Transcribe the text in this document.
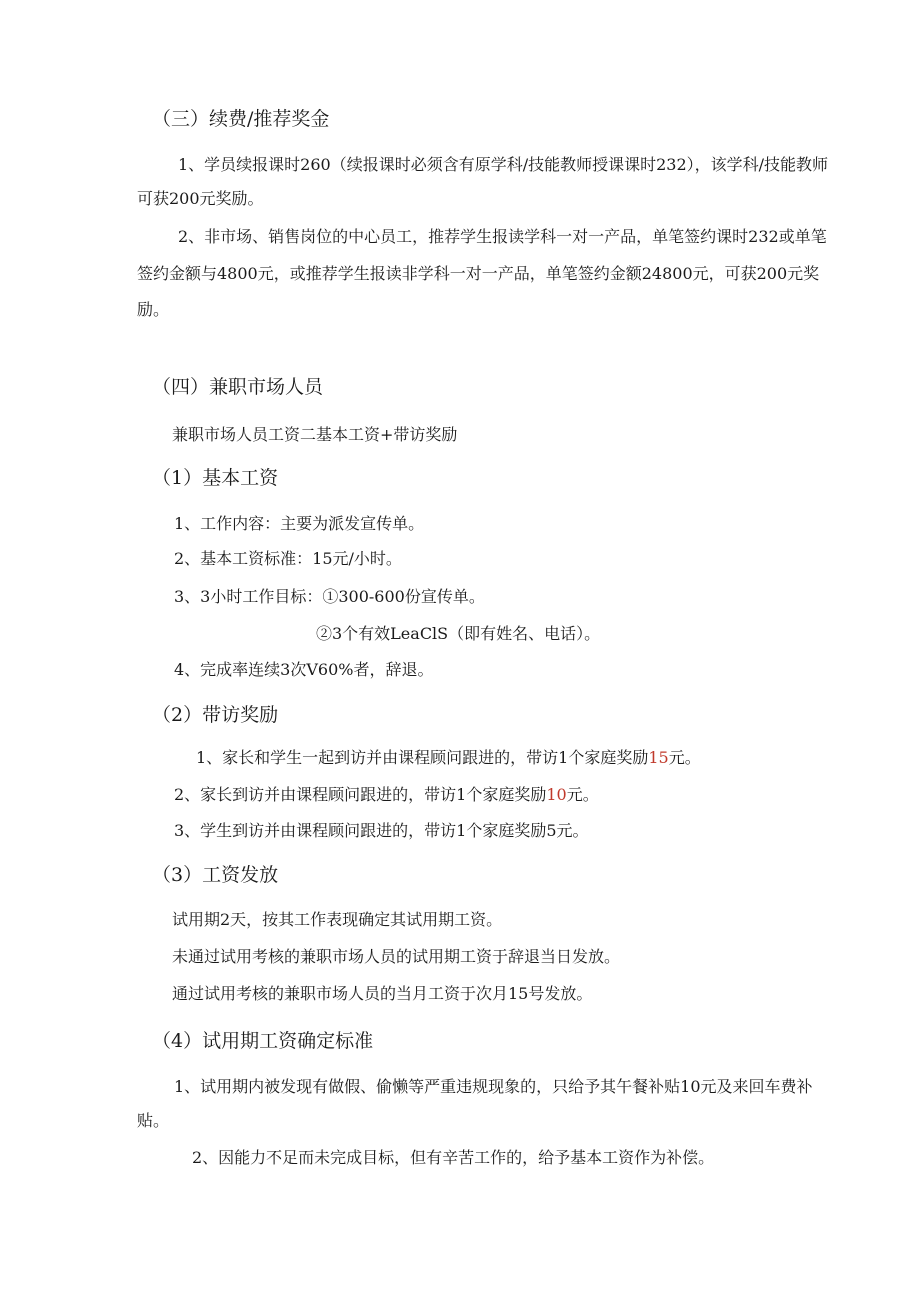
（三）续费/推荐奖金
1、学员续报课时260（续报课时必须含有原学科/技能教师授课课时232），该学科/技能教师
可获200元奖励。
2、非市场、销售岗位的中心员工，推荐学生报读学科一对一产品，单笔签约课时232或单笔
签约金额与4800元，或推荐学生报读非学科一对一产品，单笔签约金额24800元，可获200元奖
励。
（四）兼职市场人员
兼职市场人员工资二基本工资+带访奖励
（1）基本工资
1、工作内容：主要为派发宣传单。
2、基本工资标准：15元/小时。
3、3小时工作目标：①300-600份宣传单。
②3个有效LeaClS（即有姓名、电话）。
4、完成率连续3次V60%者，辞退。
（2）带访奖励
1、家长和学生一起到访并由课程顾问跟进的，带访1个家庭奖励15元。
2、家长到访并由课程顾问跟进的，带访1个家庭奖励10元。
3、学生到访并由课程顾问跟进的，带访1个家庭奖励5元。
（3）工资发放
试用期2天，按其工作表现确定其试用期工资。
未通过试用考核的兼职市场人员的试用期工资于辞退当日发放。
通过试用考核的兼职市场人员的当月工资于次月15号发放。
（4）试用期工资确定标准
1、试用期内被发现有做假、偷懒等严重违规现象的，只给予其午餐补贴10元及来回车费补
贴。
2、因能力不足而未完成目标，但有辛苦工作的，给予基本工资作为补偿。
